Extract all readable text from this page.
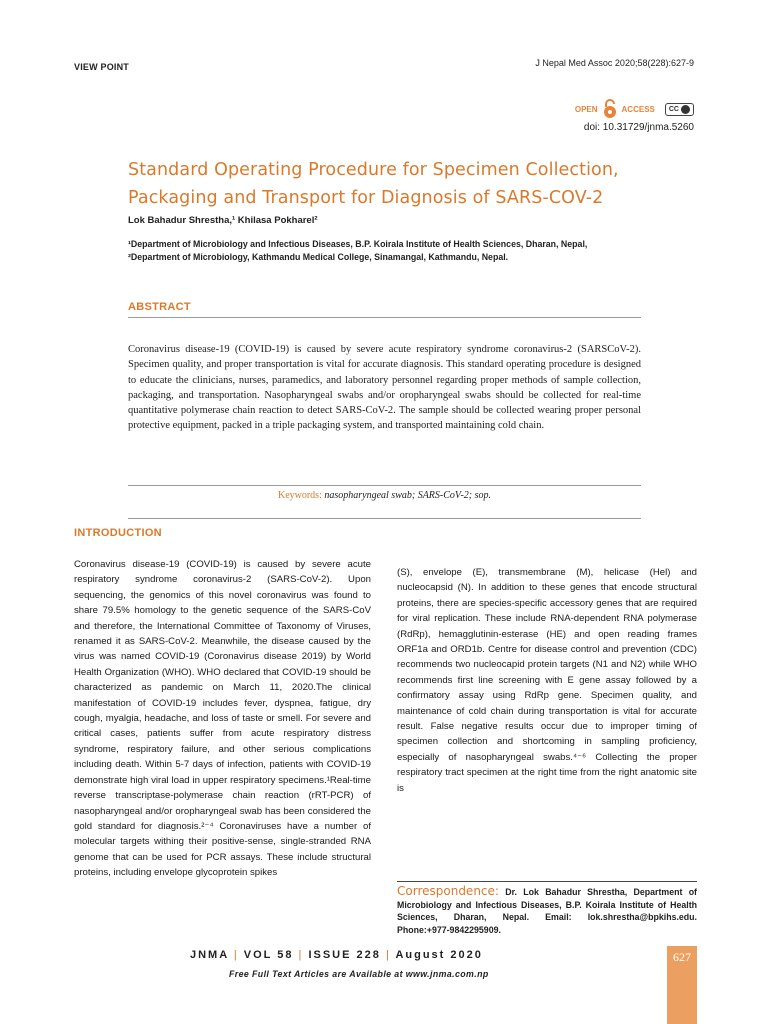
VIEW POINT	J Nepal Med Assoc 2020;58(228):627-9
OPEN	ACCESS CC
doi: 10.31729/jnma.5260
Standard Operating Procedure for Specimen Collection, Packaging and Transport for Diagnosis of SARS-COV-2
Lok Bahadur Shrestha,¹ Khilasa Pokharel²
¹Department of Microbiology and Infectious Diseases, B.P. Koirala Institute of Health Sciences, Dharan, Nepal,
²Department of Microbiology, Kathmandu Medical College, Sinamangal, Kathmandu, Nepal.
ABSTRACT
Coronavirus disease-19 (COVID-19) is caused by severe acute respiratory syndrome coronavirus-2 (SARSCoV-2). Specimen quality, and proper transportation is vital for accurate diagnosis. This standard operating procedure is designed to educate the clinicians, nurses, paramedics, and laboratory personnel regarding proper methods of sample collection, packaging, and transportation. Nasopharyngeal swabs and/or oropharyngeal swabs should be collected for real-time quantitative polymerase chain reaction to detect SARS-CoV-2. The sample should be collected wearing proper personal protective equipment, packed in a triple packaging system, and transported maintaining cold chain.
Keywords: nasopharyngeal swab; SARS-CoV-2; sop.
INTRODUCTION
Coronavirus disease-19 (COVID-19) is caused by severe acute respiratory syndrome coronavirus-2 (SARS-CoV-2). Upon sequencing, the genomics of this novel coronavirus was found to share 79.5% homology to the genetic sequence of the SARS-CoV and therefore, the International Committee of Taxonomy of Viruses, renamed it as SARS-CoV-2. Meanwhile, the disease caused by the virus was named COVID-19 (Coronavirus disease 2019) by World Health Organization (WHO). WHO declared that COVID-19 should be characterized as pandemic on March 11, 2020.The clinical manifestation of COVID-19 includes fever, dyspnea, fatigue, dry cough, myalgia, headache, and loss of taste or smell. For severe and critical cases, patients suffer from acute respiratory distress syndrome, respiratory failure, and other serious complications including death. Within 5-7 days of infection, patients with COVID-19 demonstrate high viral load in upper respiratory specimens.¹Real-time reverse transcriptase-polymerase chain reaction (rRT-PCR) of nasopharyngeal and/or oropharyngeal swab has been considered the gold standard for diagnosis.²⁻⁴ Coronaviruses have a number of molecular targets withing their positive-sense, single-stranded RNA genome that can be used for PCR assays. These include structural proteins, including envelope glycoprotein spikes
(S), envelope (E), transmembrane (M), helicase (Hel) and nucleocapsid (N). In addition to these genes that encode structural proteins, there are species-specific accessory genes that are required for viral replication. These include RNA-dependent RNA polymerase (RdRp), hemagglutinin-esterase (HE) and open reading frames ORF1a and ORD1b. Centre for disease control and prevention (CDC) recommends two nucleocapid protein targets (N1 and N2) while WHO recommends first line screening with E gene assay followed by a confirmatory assay using RdRp gene. Specimen quality, and maintenance of cold chain during transportation is vital for accurate result. False negative results occur due to improper timing of specimen collection and shortcoming in sampling proficiency, especially of nasopharyngeal swabs.⁴⁻⁶ Collecting the proper respiratory tract specimen at the right time from the right anatomic site is
Correspondence: Dr. Lok Bahadur Shrestha, Department of Microbiology and Infectious Diseases, B.P. Koirala Institute of Health Sciences, Dharan, Nepal. Email: lok.shrestha@bpkihs.edu. Phone:+977-9842295909.
JNMA | VOL 58 | ISSUE 228 | August 2020	627
Free Full Text Articles are Available at www.jnma.com.np
